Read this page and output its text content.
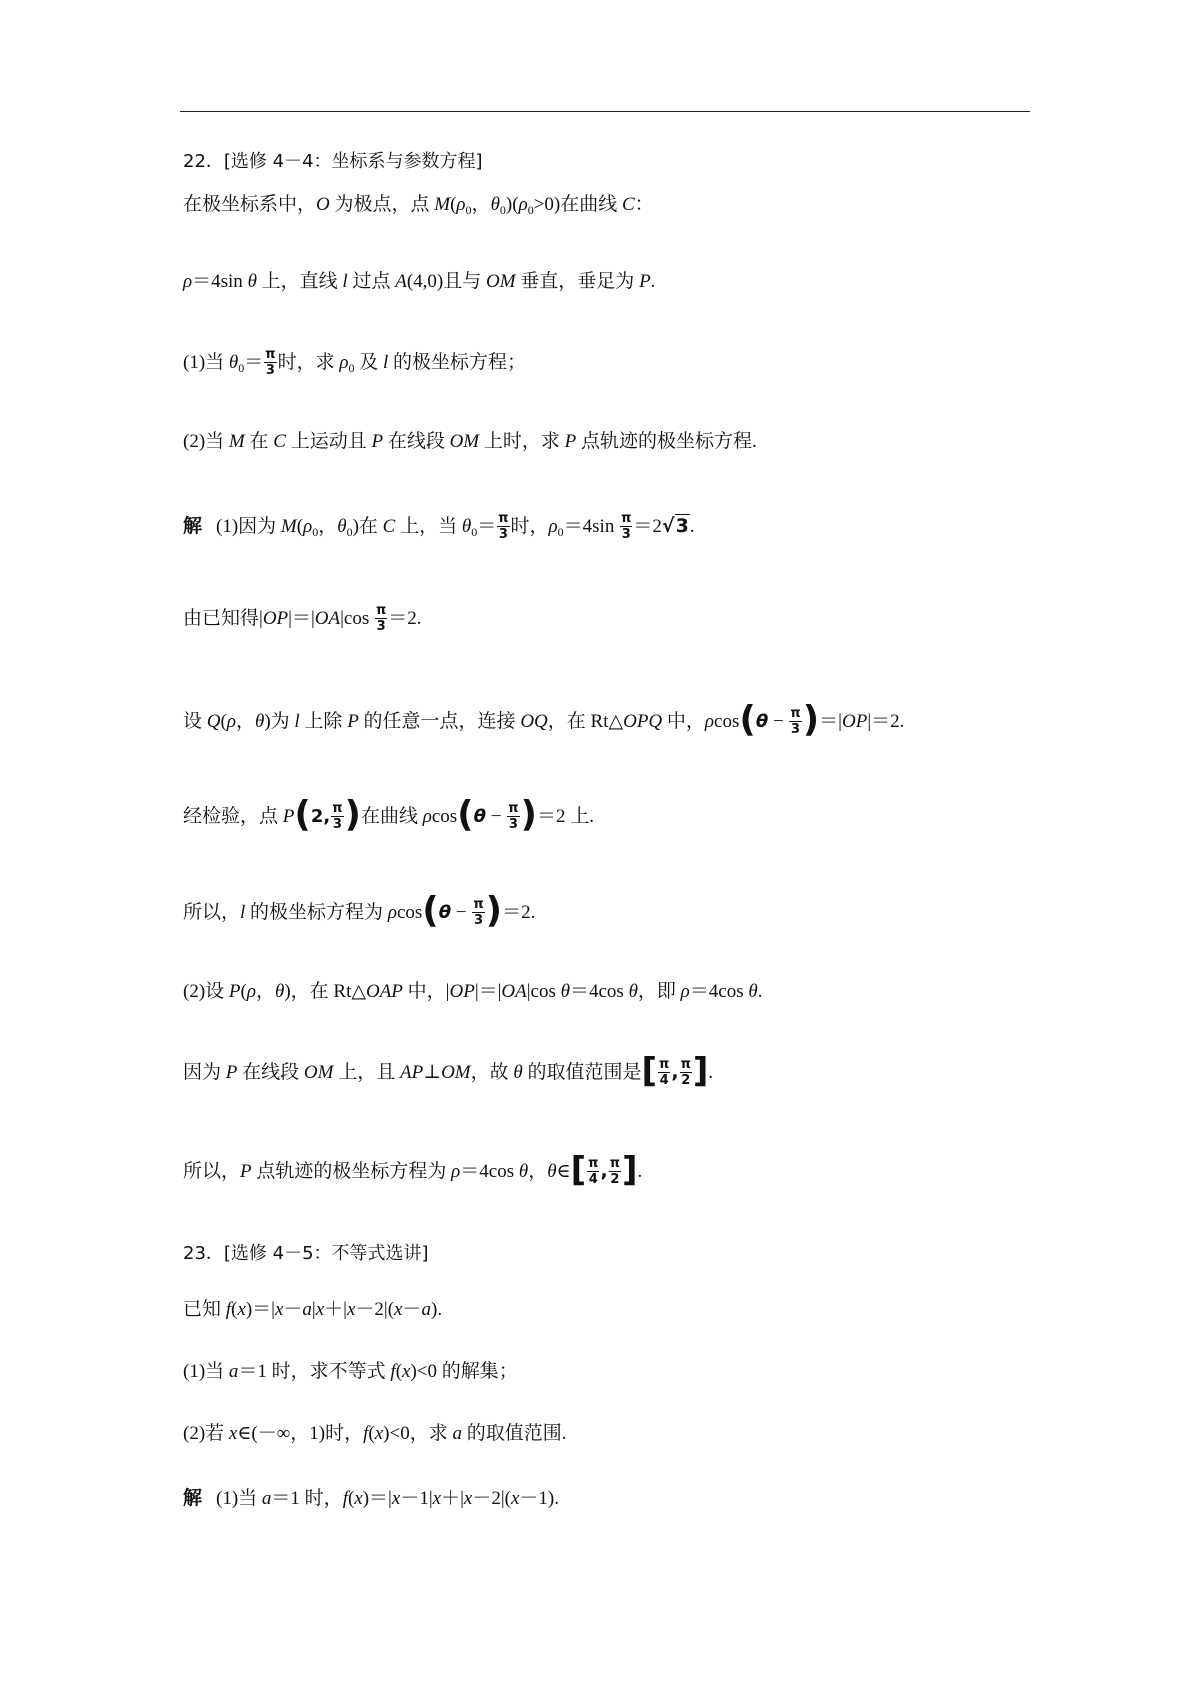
22．[选修 4－4：坐标系与参数方程]
在极坐标系中，O 为极点，点 $M(\rho_0$，$\theta_0)(\rho_0>0)$在曲线 C：
ρ＝4sin θ 上，直线 l 过点 A(4,0)且与 OM 垂直，垂足为 P.
(1)当 $\theta_0= \frac{\pi}{3}$ 时，求 $\rho_0$ 及 l 的极坐标方程；
(2)当 M 在 C 上运动且 P 在线段 OM 上时，求 P 点轨迹的极坐标方程.
解 (1)因为 $M(\rho_0$，$\theta_0$)在 C 上，当 $\theta_0= \frac{\pi}{3}$ 时，$\rho_0=4\sin \frac{\pi}{3} =2√3$.
由已知得$|OP|=|OA|\cos \frac{\pi}{3} =2$.
设 Q(ρ，θ)为 l 上除 P 的任意一点，连接 OQ，在 Rt△OPQ 中，$\rho\cos(\theta - \frac{\pi}{3} )=|OP|=2$.
经检验，点 P(2, $\frac{\pi}{3}$ )在曲线 $\rho\cos(\theta - \frac{\pi}{3} )=2$ 上.
所以，l 的极坐标方程为 $\rho\cos(\theta - \frac{\pi}{3} )=2$.
(2)设 P(ρ，θ)，在 Rt△OAP 中，|OP|＝|OA|cos θ＝4cos θ，即 ρ＝4cos θ.
因为 P 在线段 OM 上，且 AP⊥OM，故 θ 的取值范围是[ $\frac{\pi}{4}$ , $\frac{\pi}{2}$ ].
所以，P 点轨迹的极坐标方程为 ρ＝4cos θ，θ∈[ $\frac{\pi}{4}$ , $\frac{\pi}{2}$ ].
23．[选修 4－5：不等式选讲]
已知 f(x)＝|x－a|x＋|x－2|(x－a).
(1)当 a＝1 时，求不等式 f(x)<0 的解集；
(2)若 x∈(－∞，1)时，f(x)<0，求 a 的取值范围.
解 (1)当 a＝1 时，f(x)＝|x－1|x＋|x－2|(x－1).
